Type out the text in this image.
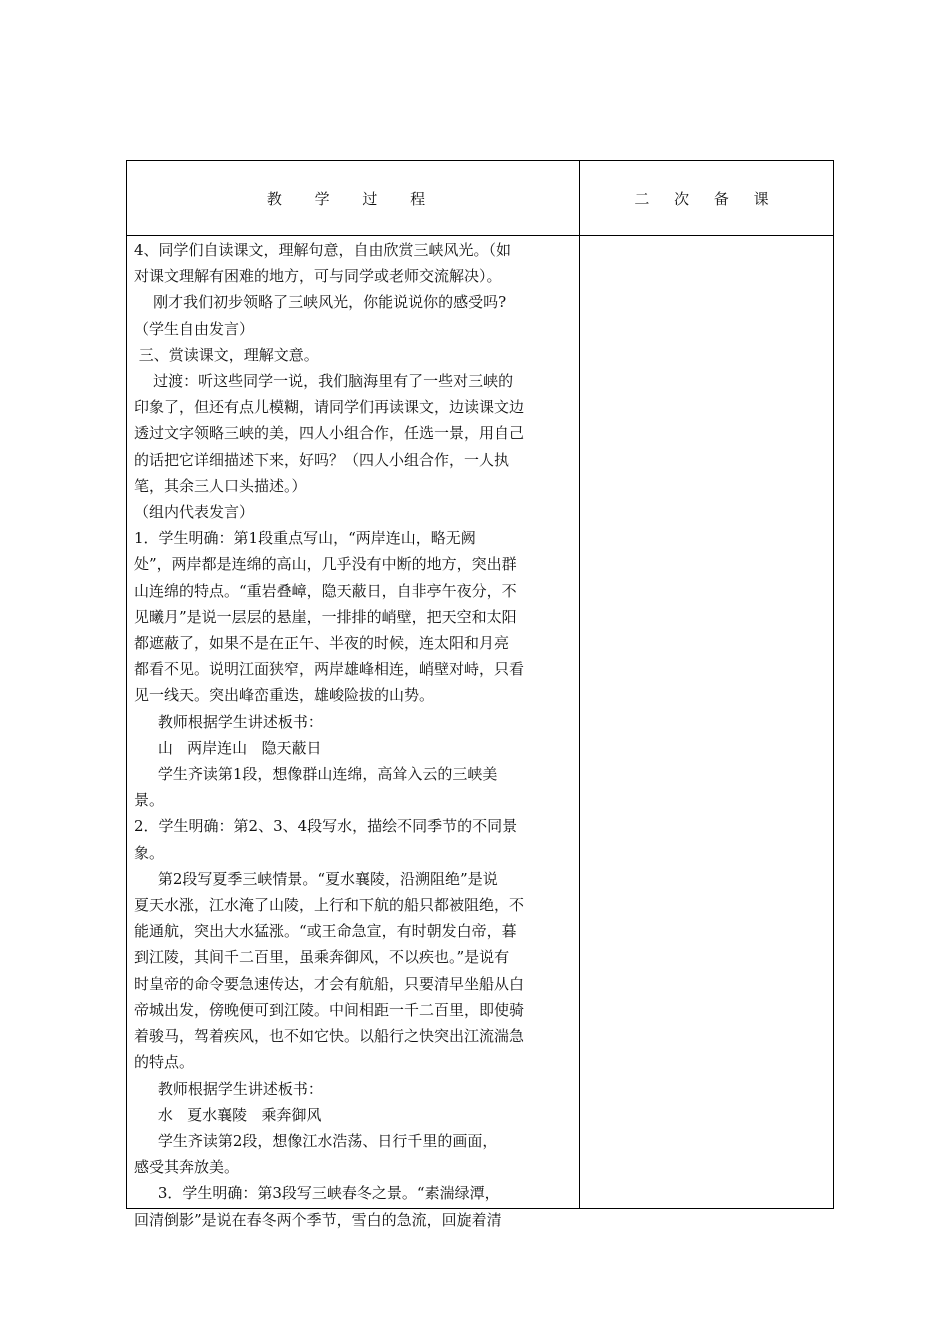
教 学 过 程	二 次 备 课

4、同学们自读课文，理解句意，自由欣赏三峡风光。（如

对课文理解有困难的地方，可与同学或老师交流解决）。

刚才我们初步领略了三峡风光，你能说说你的感受吗?

（学生自由发言）

三、赏读课文，理解文意。

过渡：听这些同学一说，我们脑海里有了一些对三峡的

印象了，但还有点儿模糊，请同学们再读课文，边读课文边

透过文字领略三峡的美，四人小组合作，任选一景，用自己

的话把它详细描述下来，好吗？（四人小组合作，一人执

笔，其余三人口头描述。）

（组内代表发言）

1．学生明确：第1段重点写山，“两岸连山，略无阙

处”，两岸都是连绵的高山，几乎没有中断的地方，突出群

山连绵的特点。“重岩叠嶂，隐天蔽日，自非亭午夜分，不

见曦月”是说一层层的悬崖，一排排的峭壁，把天空和太阳

都遮蔽了，如果不是在正午、半夜的时候，连太阳和月亮

都看不见。说明江面狭窄，两岸雄峰相连，峭壁对峙，只看

见一线天。突出峰峦重迭，雄峻险拔的山势。

教师根据学生讲述板书：

山   两岸连山   隐天蔽日

学生齐读第1段，想像群山连绵，高耸入云的三峡美

景。

2．学生明确：第2、3、4段写水，描绘不同季节的不同景

象。

第2段写夏季三峡情景。“夏水襄陵，沿溯阻绝”是说

夏天水涨，江水淹了山陵，上行和下航的船只都被阻绝，不

能通航，突出大水猛涨。“或王命急宣，有时朝发白帝，暮

到江陵，其间千二百里，虽乘奔御风，不以疾也。”是说有

时皇帝的命令要急速传达，才会有航船，只要清早坐船从白

帝城出发，傍晚便可到江陵。中间相距一千二百里，即使骑

着骏马，驾着疾风，也不如它快。以船行之快突出江流湍急

的特点。

教师根据学生讲述板书：

水   夏水襄陵   乘奔御风

学生齐读第2段，想像江水浩荡、日行千里的画面，

感受其奔放美。

3．学生明确：第3段写三峡春冬之景。“素湍绿潭，

回清倒影”是说在春冬两个季节，雪白的急流，回旋着清
